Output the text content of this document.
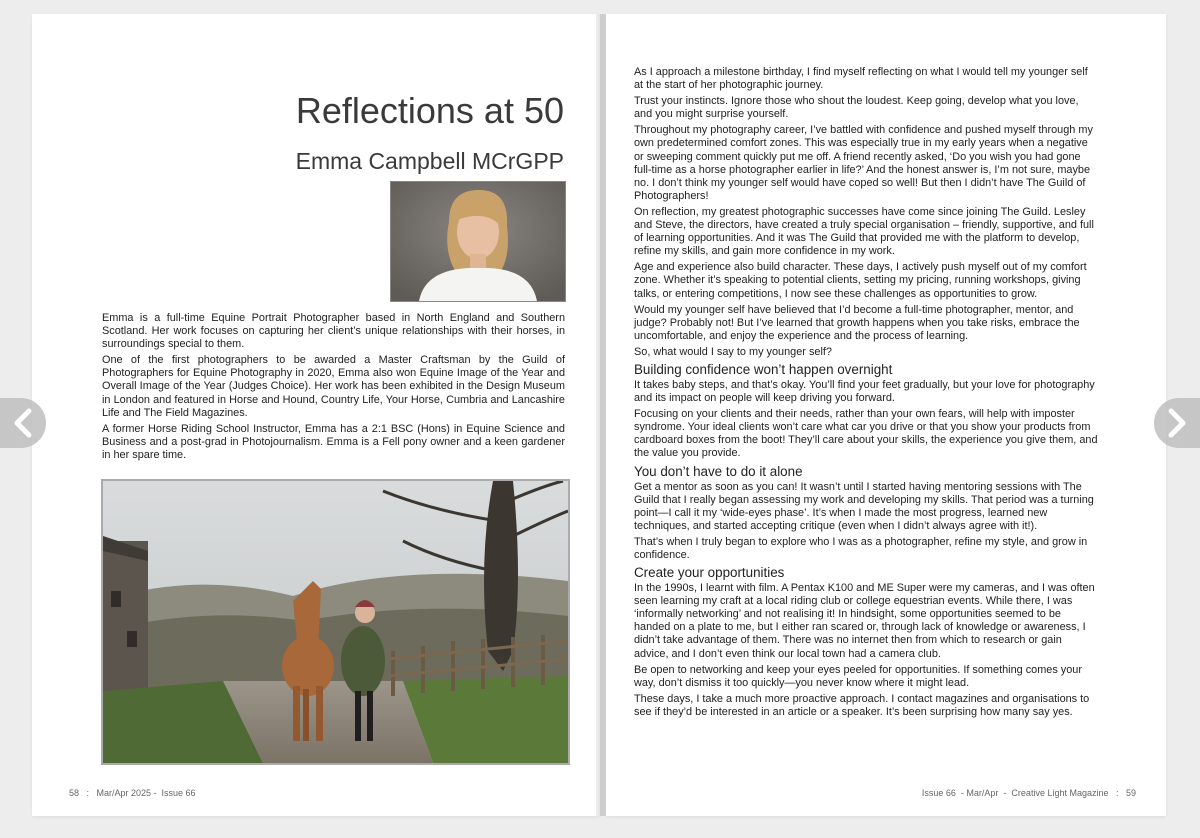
Reflections at 50
Emma Campbell MCrGPP

Emma is a full-time Equine Portrait Photographer based in North England and Southern Scotland. Her work focuses on capturing her client’s unique relationships with their horses, in surroundings special to them.

One of the first photographers to be awarded a Master Craftsman by the Guild of Photographers for Equine Photography in 2020, Emma also won Equine Image of the Year and Overall Image of the Year (Judges Choice). Her work has been exhibited in the Design Museum in London and featured in Horse and Hound, Country Life, Your Horse, Cumbria and Lancashire Life and The Field Magazines.

A former Horse Riding School Instructor, Emma has a 2:1 BSC (Hons) in Equine Science and Business and a post-grad in Photojournalism. Emma is a Fell pony owner and a keen gardener in her spare time.

58   :   Mar/Apr 2025 -  Issue 66

As I approach a milestone birthday, I find myself reflecting on what I would tell my younger self at the start of her photographic journey.

Trust your instincts. Ignore those who shout the loudest. Keep going, develop what you love, and you might surprise yourself.

Throughout my photography career, I’ve battled with confidence and pushed myself through my own predetermined comfort zones. This was especially true in my early years when a negative or sweeping comment quickly put me off. A friend recently asked, ‘Do you wish you had gone full-time as a horse photographer earlier in life?’ And the honest answer is, I’m not sure, maybe no. I don’t think my younger self would have coped so well! But then I didn’t have The Guild of Photographers!

On reflection, my greatest photographic successes have come since joining The Guild. Lesley and Steve, the directors, have created a truly special organisation – friendly, supportive, and full of learning opportunities. And it was The Guild that provided me with the platform to develop, refine my skills, and gain more confidence in my work.

Age and experience also build character. These days, I actively push myself out of my comfort zone. Whether it’s speaking to potential clients, setting my pricing, running workshops, giving talks, or entering competitions, I now see these challenges as opportunities to grow.

Would my younger self have believed that I’d become a full-time photographer, mentor, and judge? Probably not! But I’ve learned that growth happens when you take risks, embrace the uncomfortable, and enjoy the experience and the process of learning.

So, what would I say to my younger self?

Building confidence won’t happen overnight

It takes baby steps, and that’s okay. You’ll find your feet gradually, but your love for photography and its impact on people will keep driving you forward.

Focusing on your clients and their needs, rather than your own fears, will help with imposter syndrome. Your ideal clients won’t care what car you drive or that you show your products from cardboard boxes from the boot! They’ll care about your skills, the experience you give them, and the value you provide.

You don’t have to do it alone

Get a mentor as soon as you can! It wasn’t until I started having mentoring sessions with The Guild that I really began assessing my work and developing my skills. That period was a turning point—I call it my ‘wide-eyes phase’. It’s when I made the most progress, learned new techniques, and started accepting critique (even when I didn’t always agree with it!).

That’s when I truly began to explore who I was as a photographer, refine my style, and grow in confidence.

Create your opportunities

In the 1990s, I learnt with film. A Pentax K100 and ME Super were my cameras, and I was often seen learning my craft at a local riding club or college equestrian events. While there, I was ‘informally networking’ and not realising it! In hindsight, some opportunities seemed to be handed on a plate to me, but I either ran scared or, through lack of knowledge or awareness, I didn’t take advantage of them. There was no internet then from which to research or gain advice, and I don’t even think our local town had a camera club.

Be open to networking and keep your eyes peeled for opportunities. If something comes your way, don’t dismiss it too quickly—you never know where it might lead.

These days, I take a much more proactive approach. I contact magazines and organisations to see if they’d be interested in an article or a speaker. It’s been surprising how many say yes.

Issue 66  - Mar/Apr  -  Creative Light Magazine   :   59
